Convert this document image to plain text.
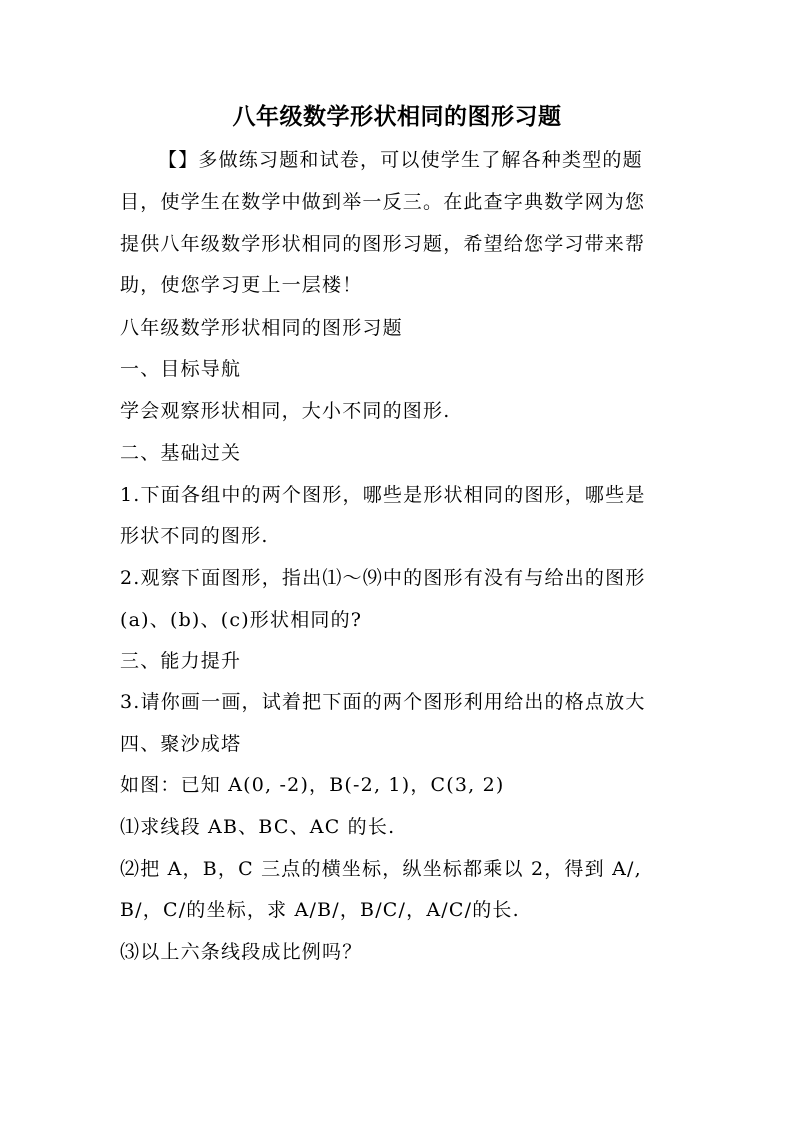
八年级数学形状相同的图形习题
【】多做练习题和试卷，可以使学生了解各种类型的题
目，使学生在数学中做到举一反三。在此查字典数学网为您
提供八年级数学形状相同的图形习题，希望给您学习带来帮
助，使您学习更上一层楼！
八年级数学形状相同的图形习题
一、目标导航
学会观察形状相同，大小不同的图形.
二、基础过关
1.下面各组中的两个图形，哪些是形状相同的图形，哪些是
形状不同的图形.
2.观察下面图形，指出⑴～⑼中的图形有没有与给出的图形
(a)、(b)、(c)形状相同的?
三、能力提升
3.请你画一画，试着把下面的两个图形利用给出的格点放大
四、聚沙成塔
如图：已知 A(0, -2)，B(-2, 1)，C(3, 2)
⑴求线段 AB、BC、AC 的长.
⑵把 A，B，C 三点的横坐标，纵坐标都乘以 2，得到 A/,
B/，C/的坐标，求 A/B/，B/C/，A/C/的长.
⑶以上六条线段成比例吗？
